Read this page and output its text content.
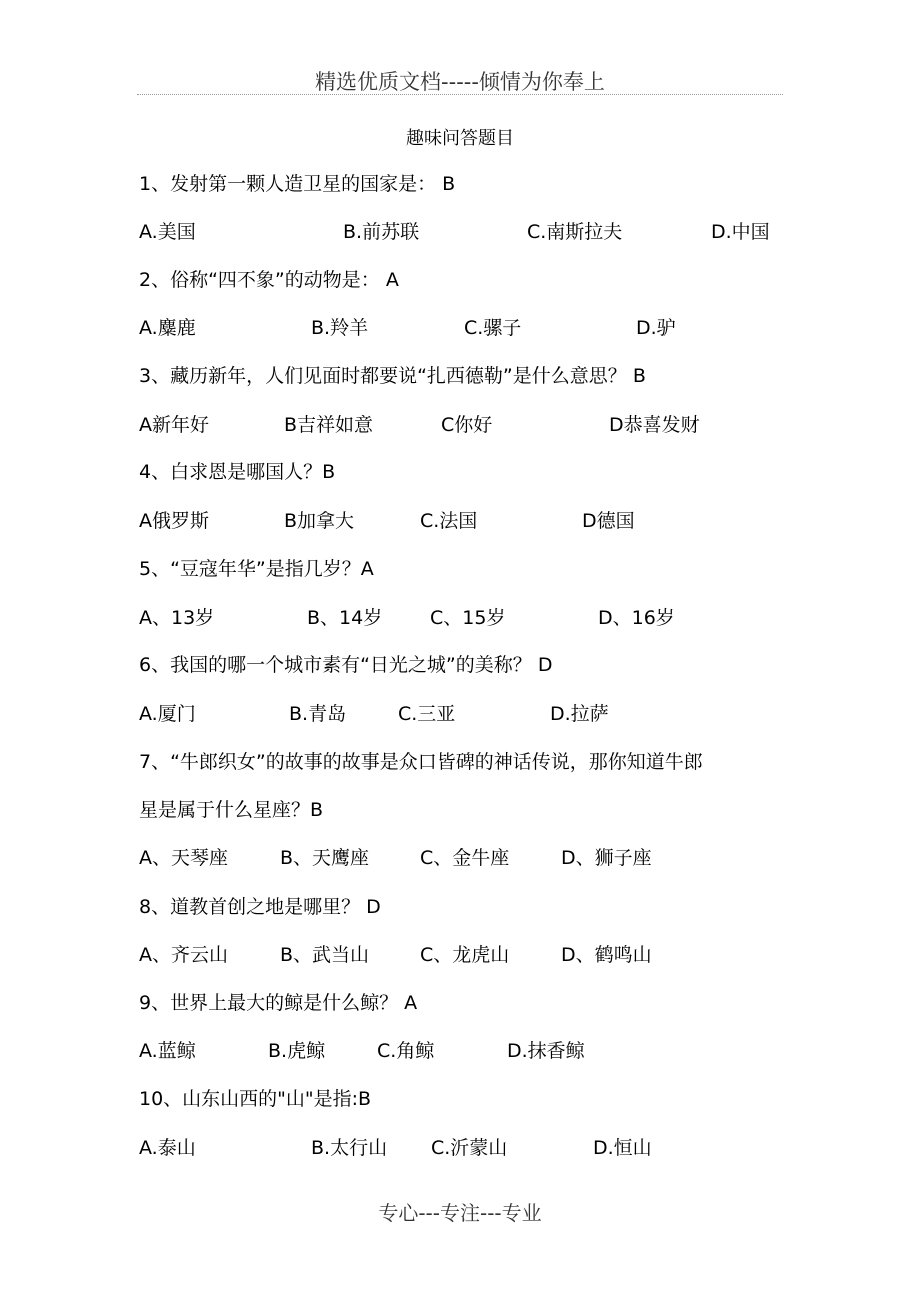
精选优质文档-----倾情为你奉上
趣味问答题目
1、发射第一颗人造卫星的国家是： B
A.美国	B.前苏联	C.南斯拉夫	D.中国
2、俗称“四不象”的动物是： A
A.麋鹿	B.羚羊	C.骡子	D.驴
3、藏历新年，人们见面时都要说“扎西德勒”是什么意思？ B
A新年好	B吉祥如意	C你好	D恭喜发财
4、白求恩是哪国人？B
A俄罗斯	B加拿大	C.法国	D德国
5、“豆寇年华”是指几岁？A
A、13岁	B、14岁	C、15岁	D、16岁
6、我国的哪一个城市素有“日光之城”的美称？ D
A.厦门	B.青岛	C.三亚	D.拉萨
7、“牛郎织女”的故事的故事是众口皆碑的神话传说，那你知道牛郎
星是属于什么星座？B
A、天琴座	B、天鹰座	C、金牛座	D、狮子座
8、道教首创之地是哪里？ D
A、齐云山	B、武当山	C、龙虎山	D、鹤鸣山
9、世界上最大的鲸是什么鲸？ A
A.蓝鲸	B.虎鲸	C.角鲸	D.抹香鲸
10、山东山西的"山"是指:B
A.泰山	B.太行山 C.沂蒙山	D.恒山
专心---专注---专业
